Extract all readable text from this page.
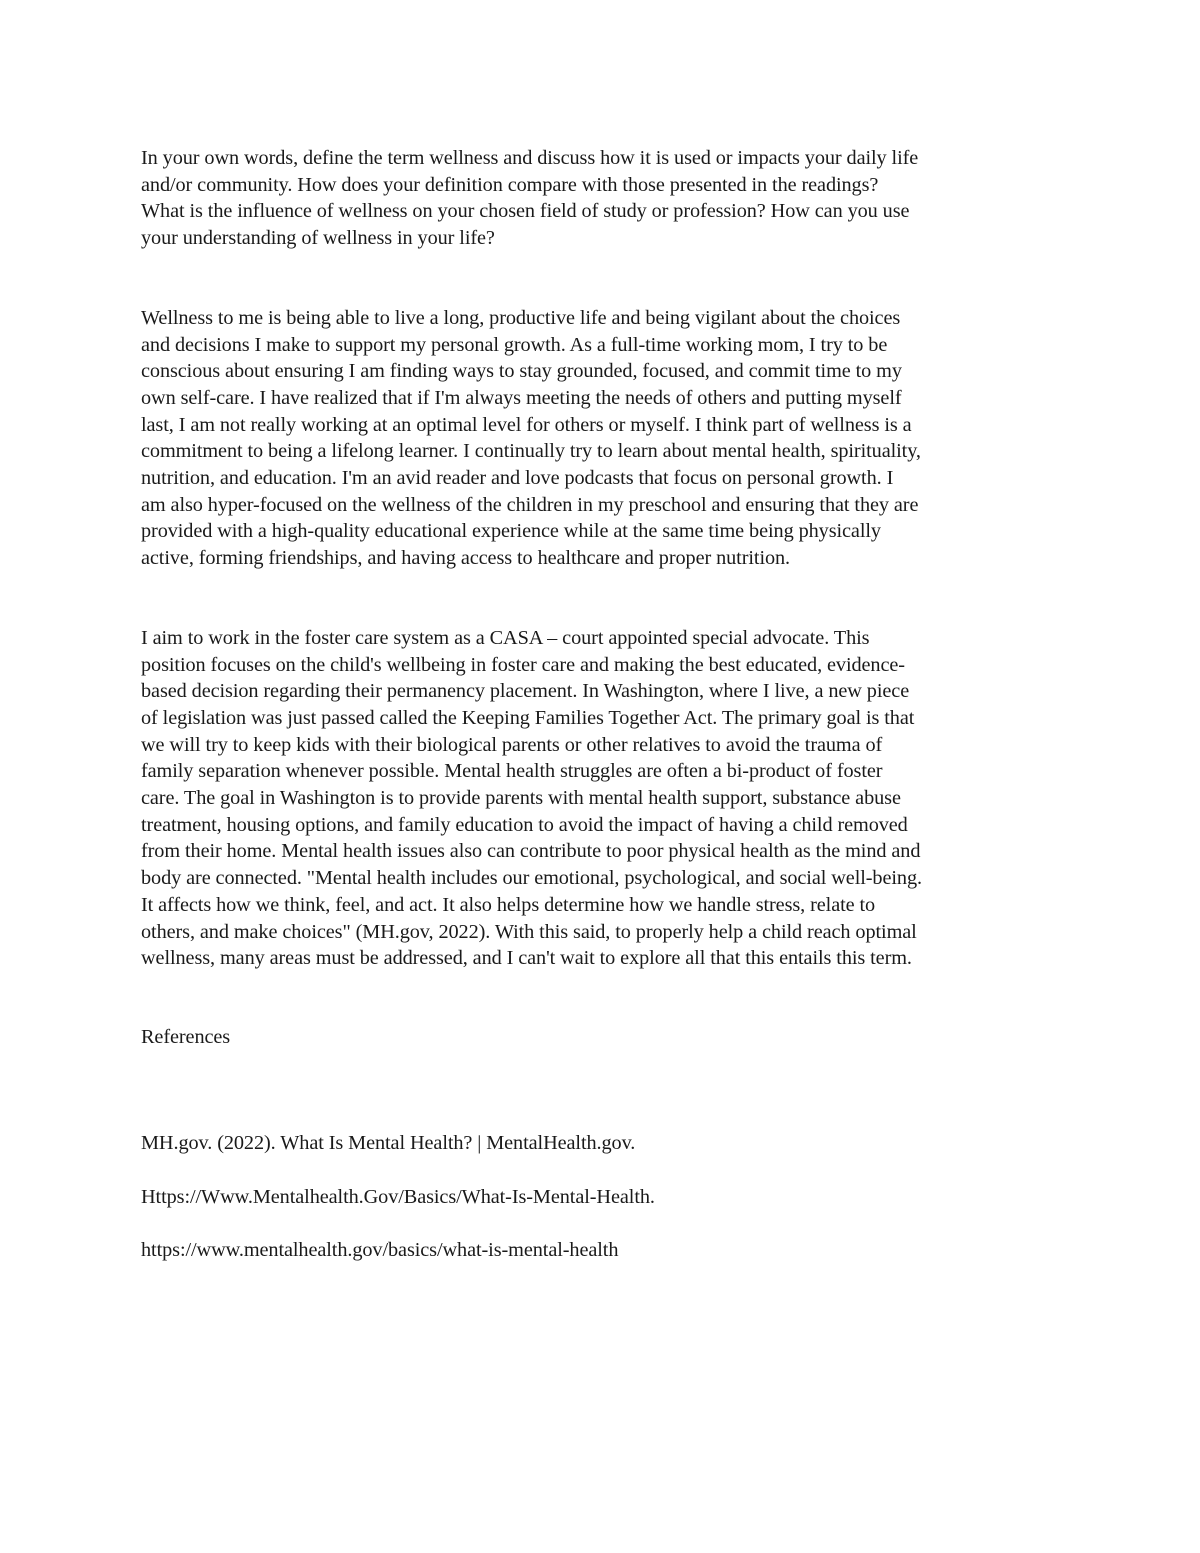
In your own words, define the term wellness and discuss how it is used or impacts your daily life
and/or community. How does your definition compare with those presented in the readings?
What is the influence of wellness on your chosen field of study or profession? How can you use
your understanding of wellness in your life?

Wellness to me is being able to live a long, productive life and being vigilant about the choices
and decisions I make to support my personal growth. As a full-time working mom, I try to be
conscious about ensuring I am finding ways to stay grounded, focused, and commit time to my
own self-care. I have realized that if I'm always meeting the needs of others and putting myself
last, I am not really working at an optimal level for others or myself. I think part of wellness is a
commitment to being a lifelong learner. I continually try to learn about mental health, spirituality,
nutrition, and education. I'm an avid reader and love podcasts that focus on personal growth. I
am also hyper-focused on the wellness of the children in my preschool and ensuring that they are
provided with a high-quality educational experience while at the same time being physically
active, forming friendships, and having access to healthcare and proper nutrition.

I aim to work in the foster care system as a CASA – court appointed special advocate. This
position focuses on the child's wellbeing in foster care and making the best educated, evidence-
based decision regarding their permanency placement. In Washington, where I live, a new piece
of legislation was just passed called the Keeping Families Together Act. The primary goal is that
we will try to keep kids with their biological parents or other relatives to avoid the trauma of
family separation whenever possible. Mental health struggles are often a bi-product of foster
care. The goal in Washington is to provide parents with mental health support, substance abuse
treatment, housing options, and family education to avoid the impact of having a child removed
from their home. Mental health issues also can contribute to poor physical health as the mind and
body are connected. "Mental health includes our emotional, psychological, and social well-being.
It affects how we think, feel, and act. It also helps determine how we handle stress, relate to
others, and make choices" (MH.gov, 2022). With this said, to properly help a child reach optimal
wellness, many areas must be addressed, and I can't wait to explore all that this entails this term.

References

MH.gov. (2022). What Is Mental Health? | MentalHealth.gov.

Https://Www.Mentalhealth.Gov/Basics/What-Is-Mental-Health.

https://www.mentalhealth.gov/basics/what-is-mental-health
